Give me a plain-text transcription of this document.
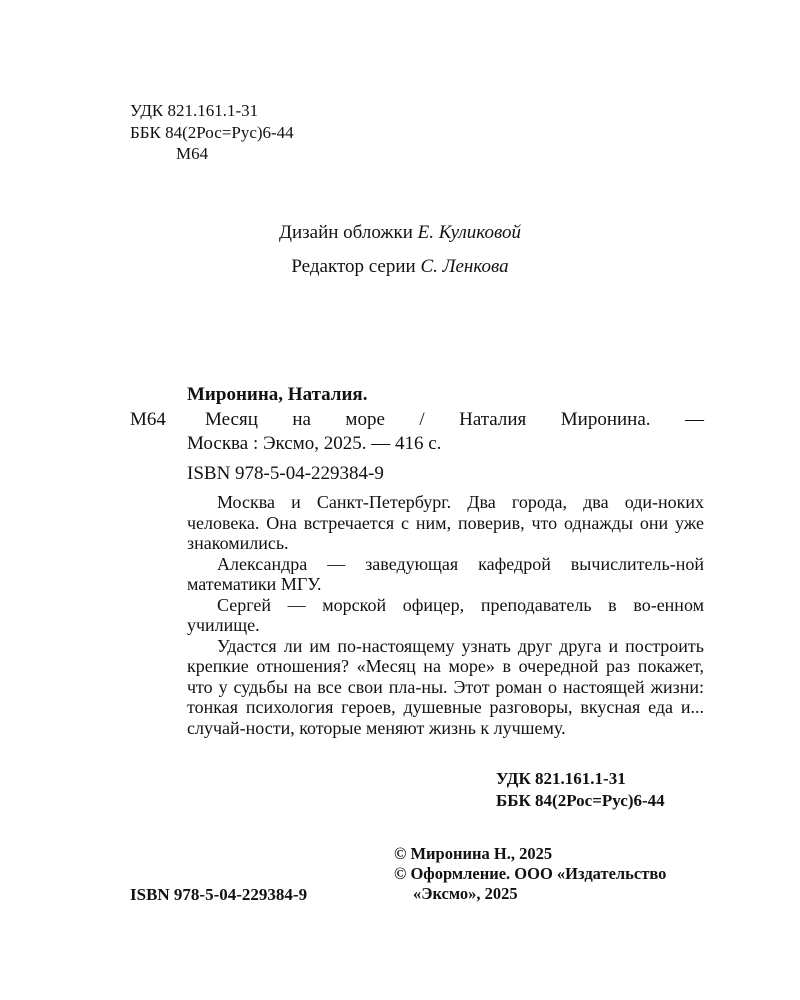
УДК 821.161.1-31
ББК 84(2Рос=Рус)6-44
М64
Дизайн обложки Е. Куликовой
Редактор серии С. Ленкова
Миронина, Наталия.
М64 Месяц на море / Наталия Миронина. —
Москва : Эксмо, 2025. — 416 с.
ISBN 978-5-04-229384-9

Москва и Санкт-Петербург. Два города, два оди-ноких человека. Она встречается с ним, поверив, что однажды они уже знакомились.

Александра — заведующая кафедрой вычислитель-ной математики МГУ.

Сергей — морской офицер, преподаватель в во-енном училище.

Удастся ли им по-настоящему узнать друг друга и построить крепкие отношения? «Месяц на море» в очередной раз покажет, что у судьбы на все свои пла-ны. Этот роман о настоящей жизни: тонкая психология героев, душевные разговоры, вкусная еда и... случай-ности, которые меняют жизнь к лучшему.

УДК 821.161.1-31
ББК 84(2Рос=Рус)6-44
© Миронина Н., 2025
© Оформление. ООО «Издательство
«Эксмо», 2025
ISBN 978-5-04-229384-9
